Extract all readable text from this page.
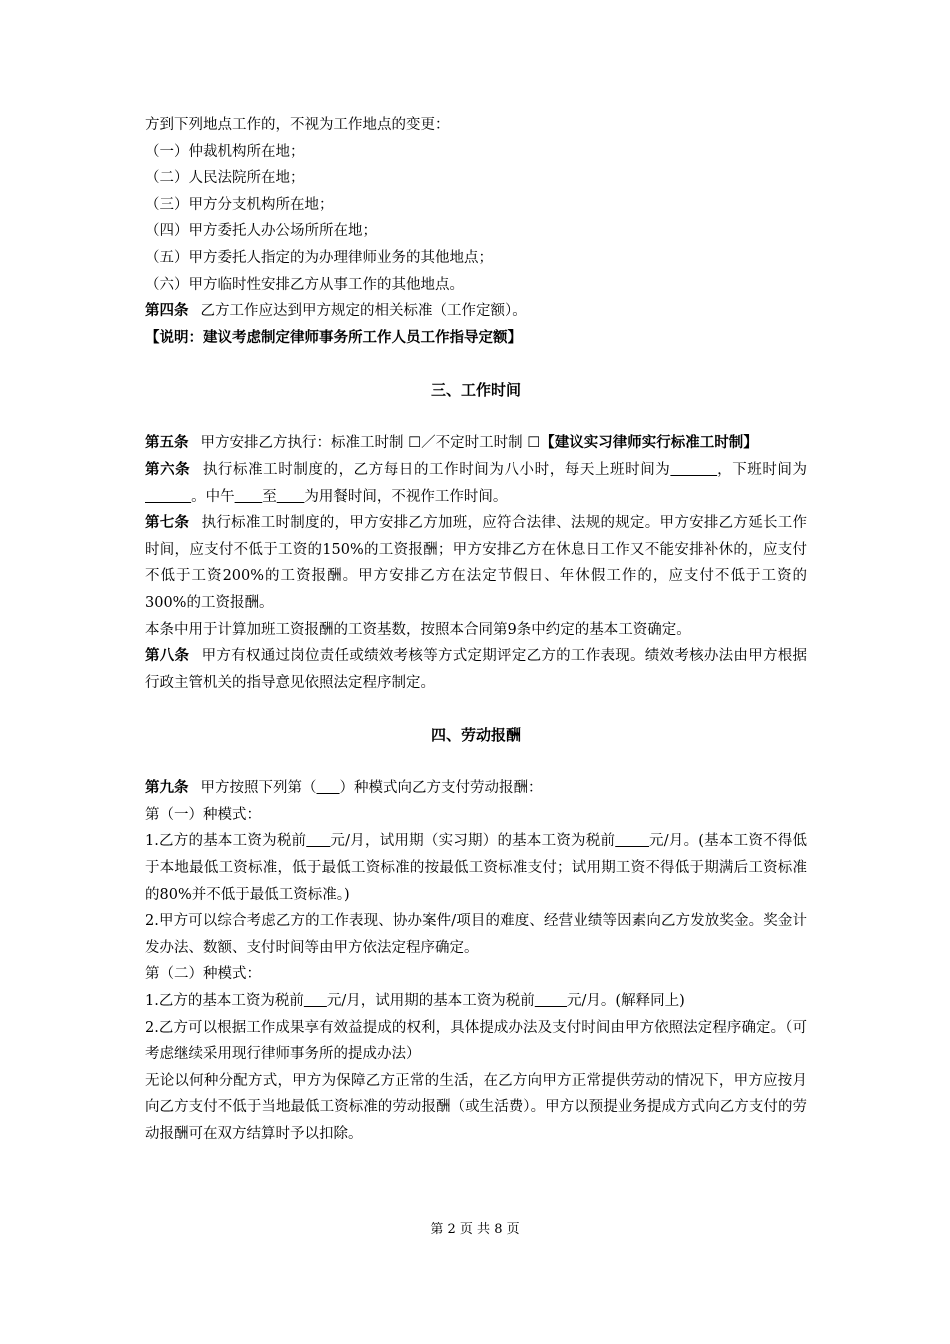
方到下列地点工作的，不视为工作地点的变更：

（一）仲裁机构所在地；

（二）人民法院所在地；

（三）甲方分支机构所在地；

（四）甲方委托人办公场所所在地；

（五）甲方委托人指定的为办理律师业务的其他地点；

（六）甲方临时性安排乙方从事工作的其他地点。

第四条 乙方工作应达到甲方规定的相关标准（工作定额）。

【说明：建议考虑制定律师事务所工作人员工作指导定额】

三、工作时间

第五条 甲方安排乙方执行：标准工时制 ☐／不定时工时制 ☐【建议实习律师实行标准工时制】

第六条 执行标准工时制度的，乙方每日的工作时间为八小时，每天上班时间为	，下班时间为          。中午 至 为用餐时间，不视作工作时间。

第七条 执行标准工时制度的，甲方安排乙方加班，应符合法律、法规的规定。甲方安排乙方延长工作时间，应支付不低于工资的150%的工资报酬；甲方安排乙方在休息日工作又不能安排补休的，应支付不低于工资200%的工资报酬。甲方安排乙方在法定节假日、年休假工作的，应支付不低于工资的300%的工资报酬。

本条中用于计算加班工资报酬的工资基数，按照本合同第9条中约定的基本工资确定。

第八条 甲方有权通过岗位责任或绩效考核等方式定期评定乙方的工作表现。绩效考核办法由甲方根据行政主管机关的指导意见依照法定程序制定。

四、劳动报酬

第九条 甲方按照下列第（ ）种模式向乙方支付劳动报酬：

第（一）种模式：

1.乙方的基本工资为税前 元/月，试用期（实习期）的基本工资为税前 元/月。(基本工资不得低于本地最低工资标准，低于最低工资标准的按最低工资标准支付；试用期工资不得低于期满后工资标准的80%并不低于最低工资标准。)

2.甲方可以综合考虑乙方的工作表现、协办案件/项目的难度、经营业绩等因素向乙方发放奖金。奖金计发办法、数额、支付时间等由甲方依法定程序确定。

第（二）种模式：

1.乙方的基本工资为税前 元/月，试用期的基本工资为税前 元/月。(解释同上)

2.乙方可以根据工作成果享有效益提成的权利，具体提成办法及支付时间由甲方依照法定程序确定。（可考虑继续采用现行律师事务所的提成办法）

无论以何种分配方式，甲方为保障乙方正常的生活，在乙方向甲方正常提供劳动的情况下，甲方应按月向乙方支付不低于当地最低工资标准的劳动报酬（或生活费）。甲方以预提业务提成方式向乙方支付的劳动报酬可在双方结算时予以扣除。

第 2 页 共 8 页
